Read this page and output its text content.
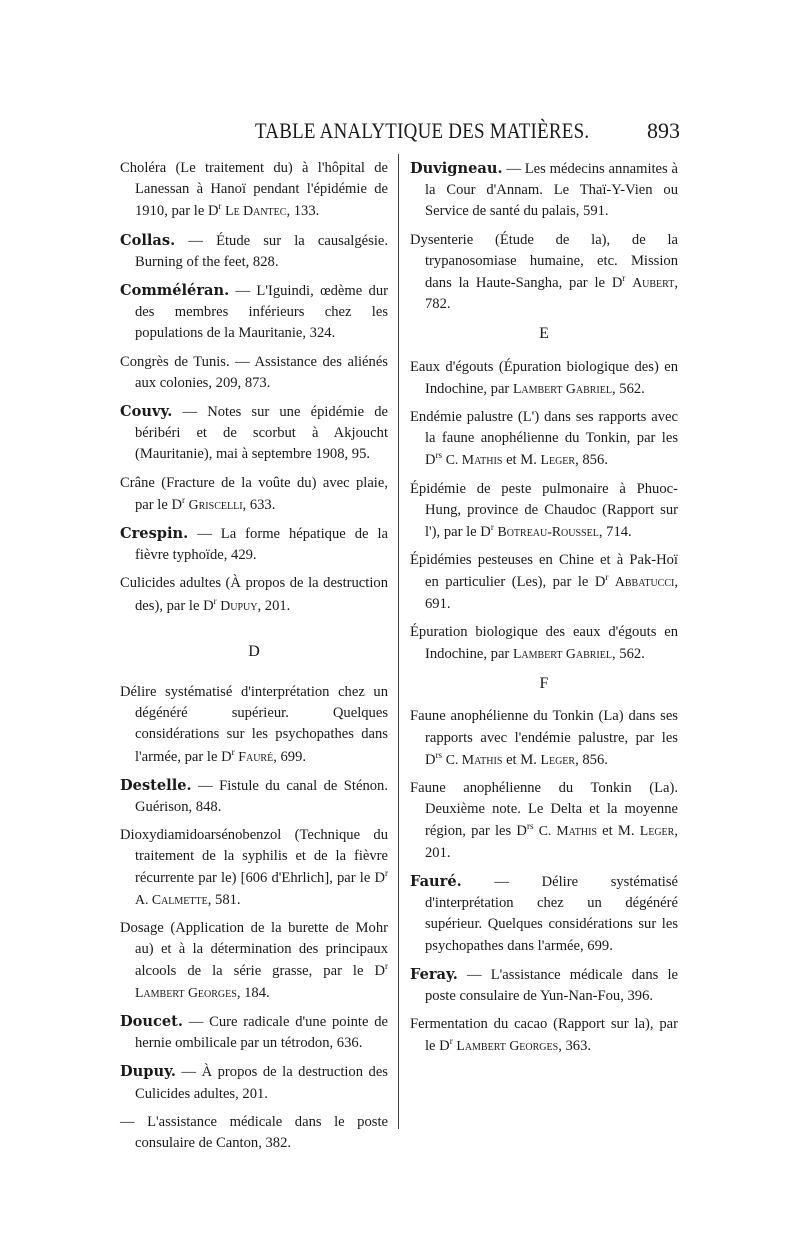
TABLE ANALYTIQUE DES MATIÈRES.	893

Choléra (Le traitement du) à l'hôpital de Lanessan à Hanoï pendant l'épidémie de 1910, par le $D^r$ Le Dantec, 133.

Collas. — Étude sur la causalgésie. Burning of the feet, 828.

Comméléran. — L'Iguindi, œdème dur des membres inférieurs chez les populations de la Mauritanie, 324.

Congrès de Tunis. — Assistance des aliénés aux colonies, 209, 873.

Couvy. — Notes sur une épidémie de béribéri et de scorbut à Akjoucht (Mauritanie), mai à septembre 1908, 95.

Crâne (Fracture de la voûte du) avec plaie, par le $D^r$ Griscelli, 633.

Crespin. — La forme hépatique de la fièvre typhoïde, 429.

Culicides adultes (À propos de la destruction des), par le $D^r$ Dupuy, 201.

D

Délire systématisé d'interprétation chez un dégénéré supérieur. Quelques considérations sur les psychopathes dans l'armée, par le $D^r$ Fauré, 699.

Destelle. — Fistule du canal de Sténon. Guérison, 848.

Dioxydiamidoarsénobenzol (Technique du traitement de la syphilis et de la fièvre récurrente par le) [606 d'Ehrlich], par le $D^r$ A. Calmette, 581.

Dosage (Application de la burette de Mohr au) et à la détermination des principaux alcools de la série grasse, par le $D^r$ Lambert Georges, 184.

Doucet. — Cure radicale d'une pointe de hernie ombilicale par un tétrodon, 636.

Dupuy. — À propos de la destruction des Culicides adultes, 201.

— L'assistance médicale dans le poste consulaire de Canton, 382.

Duvigneau. — Les médecins annamites à la Cour d'Annam. Le Thaï-Y-Vien ou Service de santé du palais, 591.

Dysenterie (Étude de la), de la trypanosomiase humaine, etc. Mission dans la Haute-Sangha, par le $D^r$ Aubert, 782.

E

Eaux d'égouts (Épuration biologique des) en Indochine, par Lambert Gabriel, 562.

Endémie palustre (L') dans ses rapports avec la faune anophélienne du Tonkin, par les $D^{rs}$ C. Mathis et M. Leger, 856.

Épidémie de peste pulmonaire à Phuoc-Hung, province de Chaudoc (Rapport sur l'), par le $D^r$ Botreau-Roussel, 714.

Épidémies pesteuses en Chine et à Pak-Hoï en particulier (Les), par le $D^r$ Abbatucci, 691.

Épuration biologique des eaux d'égouts en Indochine, par Lambert Gabriel, 562.

F

Faune anophélienne du Tonkin (La) dans ses rapports avec l'endémie palustre, par les $D^{rs}$ C. Mathis et M. Leger, 856.

Faune anophélienne du Tonkin (La). Deuxième note. Le Delta et la moyenne région, par les $D^{rs}$ C. Mathis et M. Leger, 201.

Fauré. — Délire systématisé d'interprétation chez un dégénéré supérieur. Quelques considérations sur les psychopathes dans l'armée, 699.

Feray. — L'assistance médicale dans le poste consulaire de Yun-Nan-Fou, 396.

Fermentation du cacao (Rapport sur la), par le $D^r$ Lambert Georges, 363.
